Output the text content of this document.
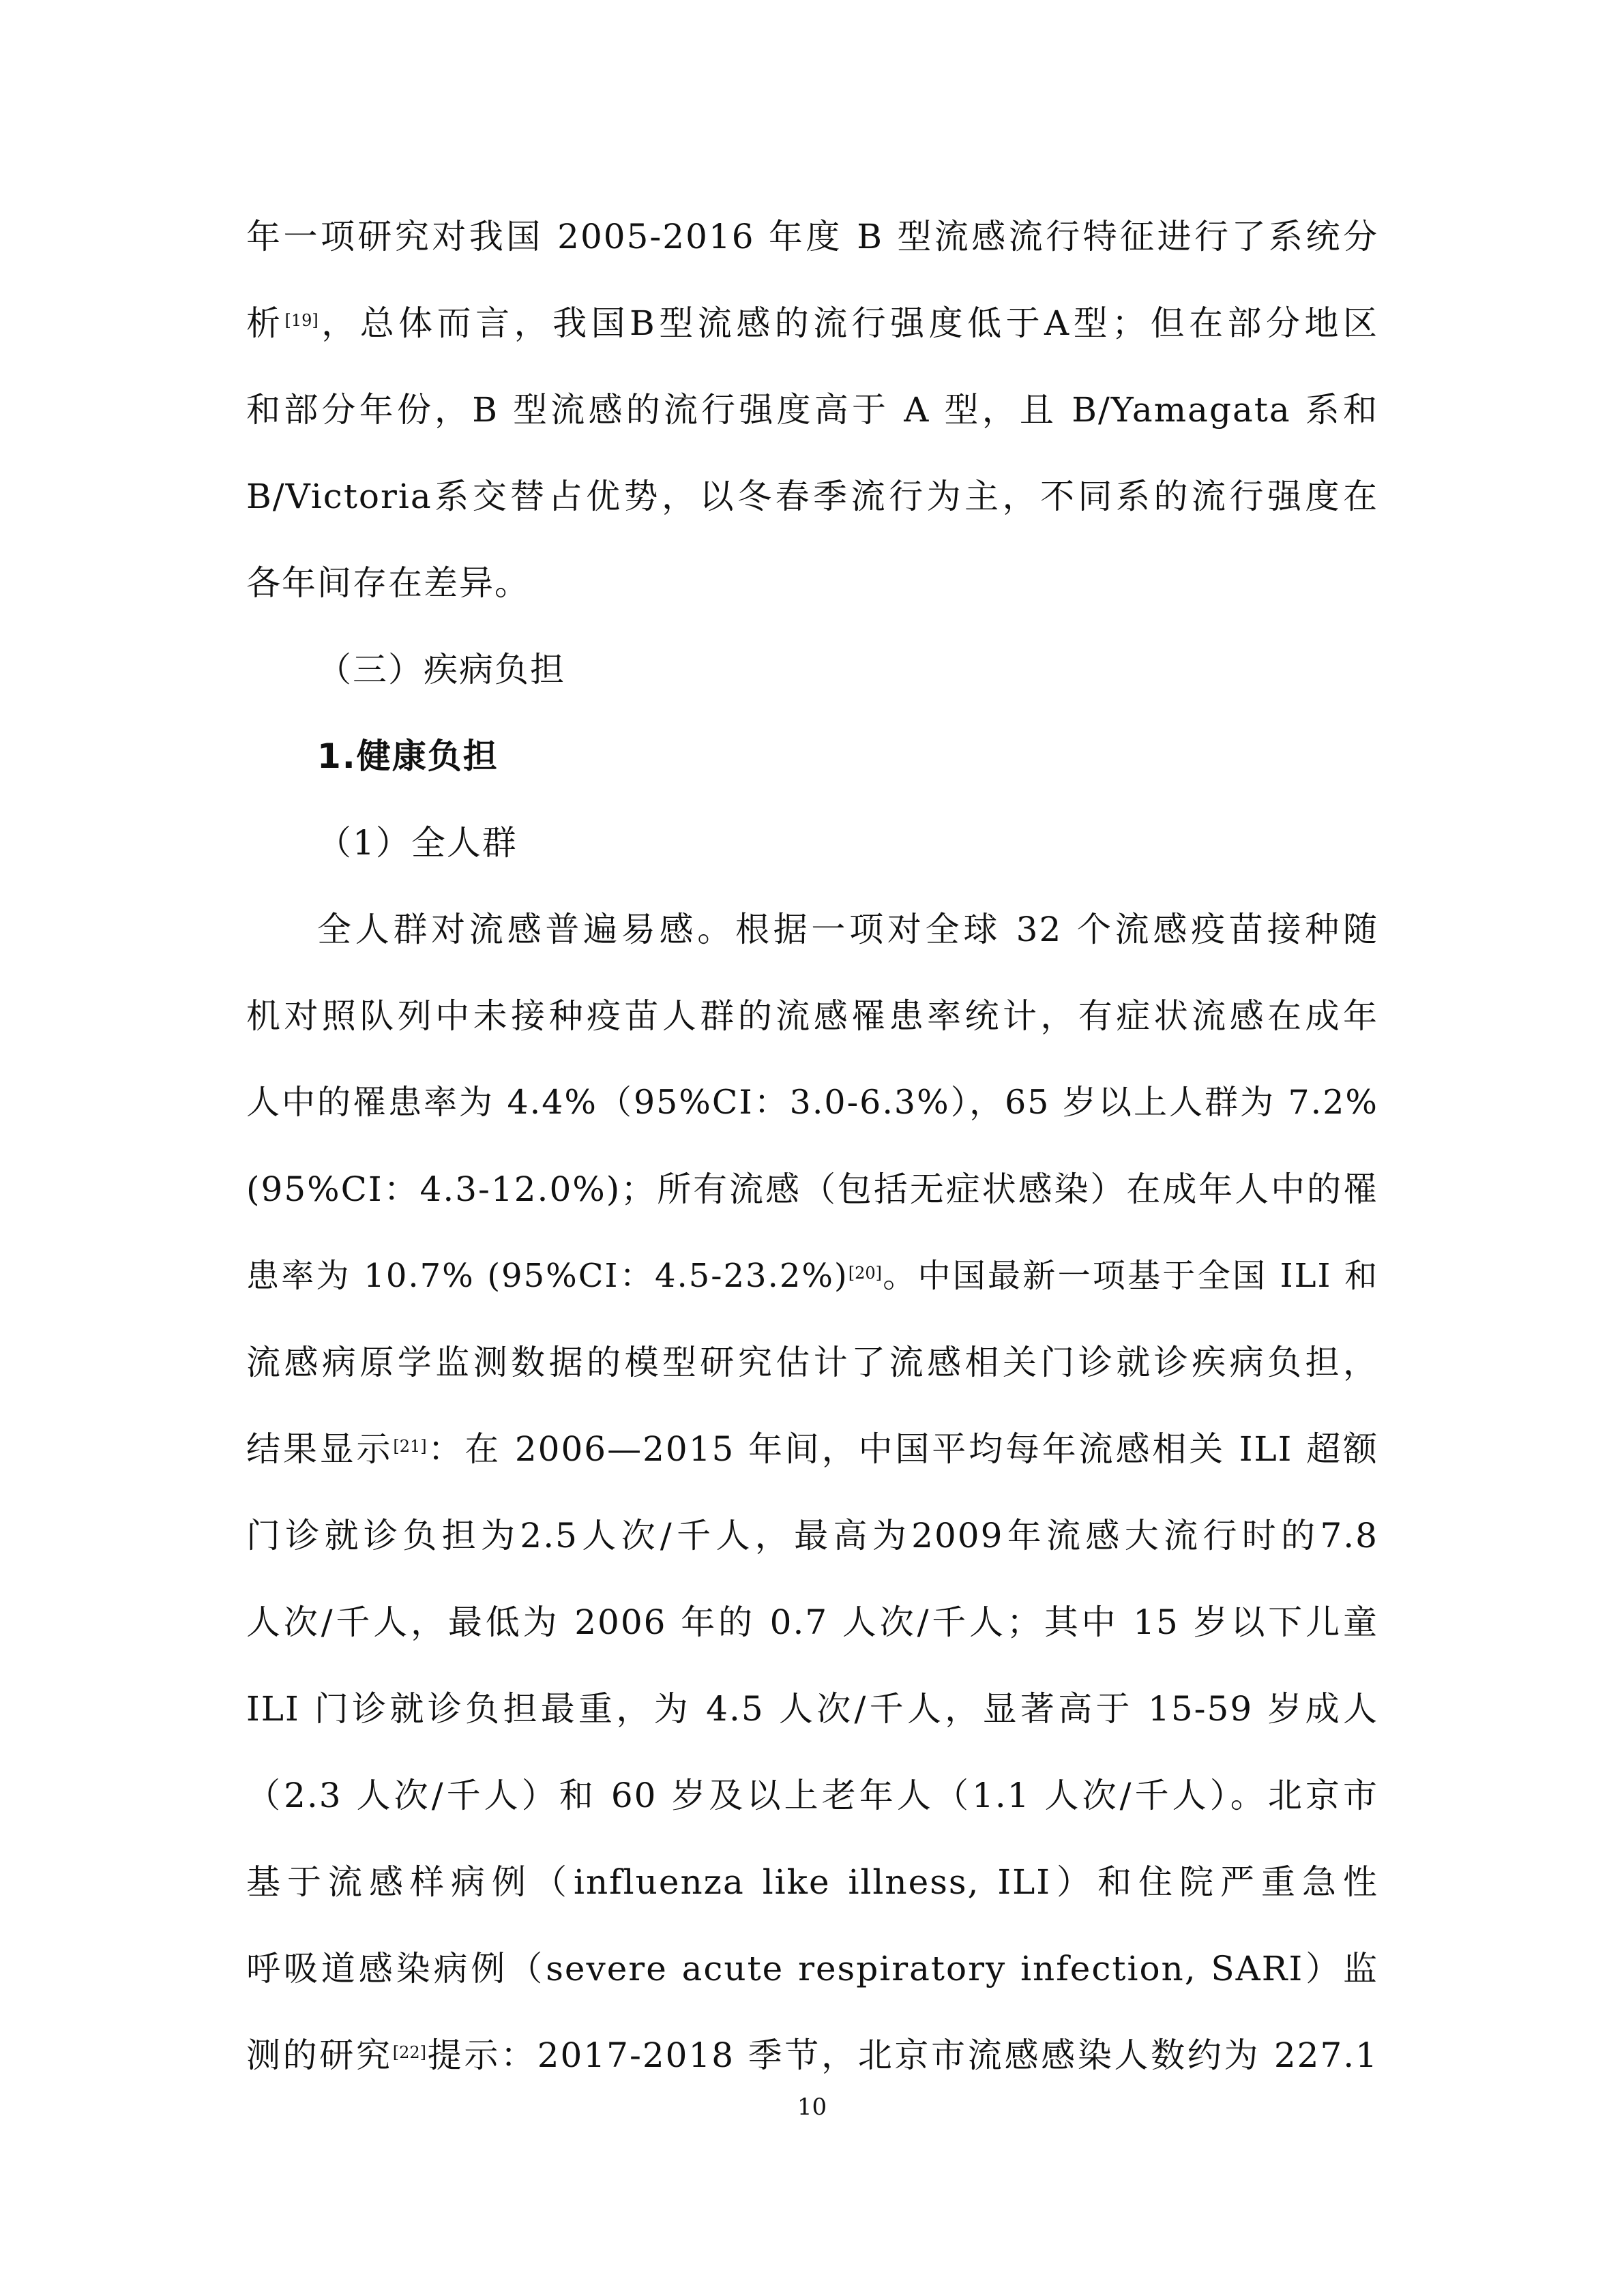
年一项研究对我国 2005-2016 年度 B 型流感流行特征进行了系统分
析[19]，总体而言，我国B型流感的流行强度低于A型；但在部分地区
和部分年份，B 型流感的流行强度高于 A 型，且 B/Yamagata 系和
B/Victoria系交替占优势，以冬春季流行为主，不同系的流行强度在
各年间存在差异。
（三）疾病负担
1.健康负担
（1）全人群
全人群对流感普遍易感。根据一项对全球 32 个流感疫苗接种随
机对照队列中未接种疫苗人群的流感罹患率统计，有症状流感在成年
人中的罹患率为 4.4%（95%CI：3.0-6.3%），65 岁以上人群为 7.2%
(95%CI：4.3-12.0%)；所有流感（包括无症状感染）在成年人中的罹
患率为 10.7% (95%CI：4.5-23.2%)[20]。中国最新一项基于全国 ILI 和
流感病原学监测数据的模型研究估计了流感相关门诊就诊疾病负担，
结果显示[21]：在 2006—2015 年间，中国平均每年流感相关 ILI 超额
门诊就诊负担为2.5人次/千人，最高为2009年流感大流行时的7.8
人次/千人，最低为 2006 年的 0.7 人次/千人；其中 15 岁以下儿童
ILI 门诊就诊负担最重，为 4.5 人次/千人，显著高于 15-59 岁成人
（2.3 人次/千人）和 60 岁及以上老年人（1.1 人次/千人）。北京市
基于流感样病例（influenza like illness, ILI）和住院严重急性
呼吸道感染病例（severe acute respiratory infection, SARI）监
测的研究[22]提示：2017-2018 季节，北京市流感感染人数约为 227.1
10
